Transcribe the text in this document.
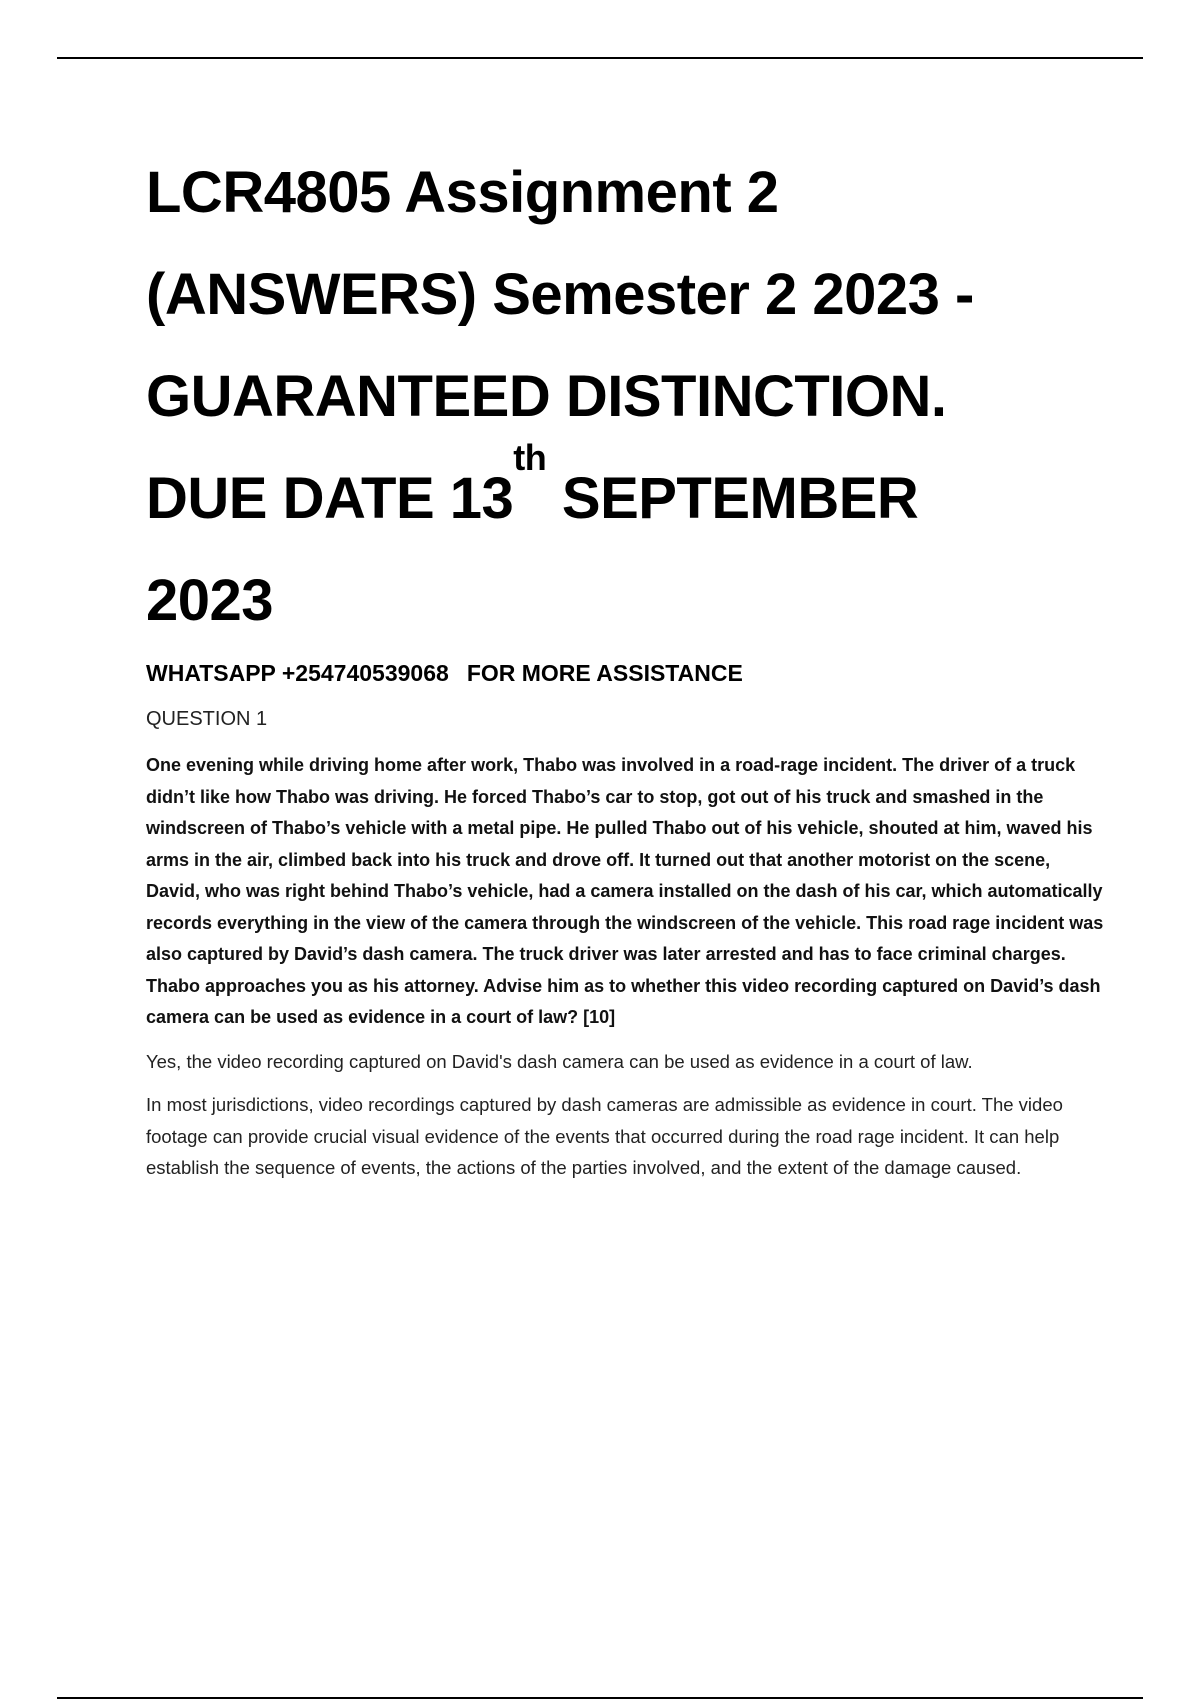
LCR4805 Assignment 2
(ANSWERS) Semester 2 2023 -
GUARANTEED DISTINCTION.
DUE DATE 13th SEPTEMBER
2023

WHATSAPP +254740539068 FOR MORE ASSISTANCE

QUESTION 1

One evening while driving home after work, Thabo was involved in a road-rage incident. The driver of a truck didn’t like how Thabo was driving. He forced Thabo’s car to stop, got out of his truck and smashed in the windscreen of Thabo’s vehicle with a metal pipe. He pulled Thabo out of his vehicle, shouted at him, waved his arms in the air, climbed back into his truck and drove off. It turned out that another motorist on the scene, David, who was right behind Thabo’s vehicle, had a camera installed on the dash of his car, which automatically records everything in the view of the camera through the windscreen of the vehicle. This road rage incident was also captured by David’s dash camera. The truck driver was later arrested and has to face criminal charges. Thabo approaches you as his attorney. Advise him as to whether this video recording captured on David’s dash camera can be used as evidence in a court of law? [10]

Yes, the video recording captured on David's dash camera can be used as evidence in a court of law.

In most jurisdictions, video recordings captured by dash cameras are admissible as evidence in court. The video footage can provide crucial visual evidence of the events that occurred during the road rage incident. It can help establish the sequence of events, the actions of the parties involved, and the extent of the damage caused.
